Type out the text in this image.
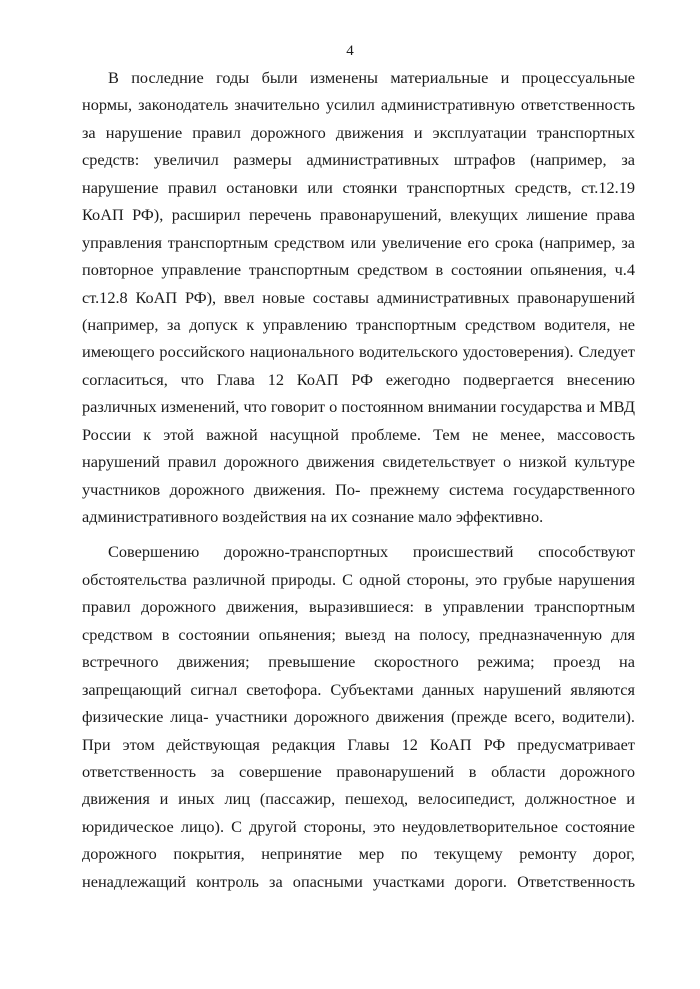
4
В последние годы были изменены материальные и процессуальные
нормы, законодатель значительно усилил административную ответственность
за нарушение правил дорожного движения и эксплуатации транспортных
средств: увеличил размеры административных штрафов (например, за
нарушение правил остановки или стоянки транспортных средств, ст.12.19
КоАП РФ), расширил перечень правонарушений, влекущих лишение права
управления транспортным средством или увеличение его срока (например, за
повторное управление транспортным средством в состоянии опьянения, ч.4
ст.12.8 КоАП РФ), ввел новые составы административных правонарушений
(например, за допуск к управлению транспортным средством водителя, не
имеющего российского национального водительского удостоверения). Следует
согласиться, что Глава 12 КоАП РФ ежегодно подвергается внесению
различных изменений, что говорит о постоянном внимании государства и МВД
России к этой важной насущной проблеме. Тем не менее, массовость
нарушений правил дорожного движения свидетельствует о низкой культуре
участников дорожного движения. По- прежнему система государственного
административного воздействия на их сознание мало эффективно.
Совершению дорожно-транспортных происшествий способствуют
обстоятельства различной природы. С одной стороны, это грубые нарушения
правил дорожного движения, выразившиеся: в управлении транспортным
средством в состоянии опьянения; выезд на полосу, предназначенную для
встречного движения; превышение скоростного режима; проезд на
запрещающий сигнал светофора. Субъектами данных нарушений являются
физические лица- участники дорожного движения (прежде всего, водители).
При этом действующая редакция Главы 12 КоАП РФ предусматривает
ответственность за совершение правонарушений в области дорожного
движения и иных лиц (пассажир, пешеход, велосипедист, должностное и
юридическое лицо). С другой стороны, это неудовлетворительное состояние
дорожного покрытия, непринятие мер по текущему ремонту дорог,
ненадлежащий контроль за опасными участками дороги. Ответственность
